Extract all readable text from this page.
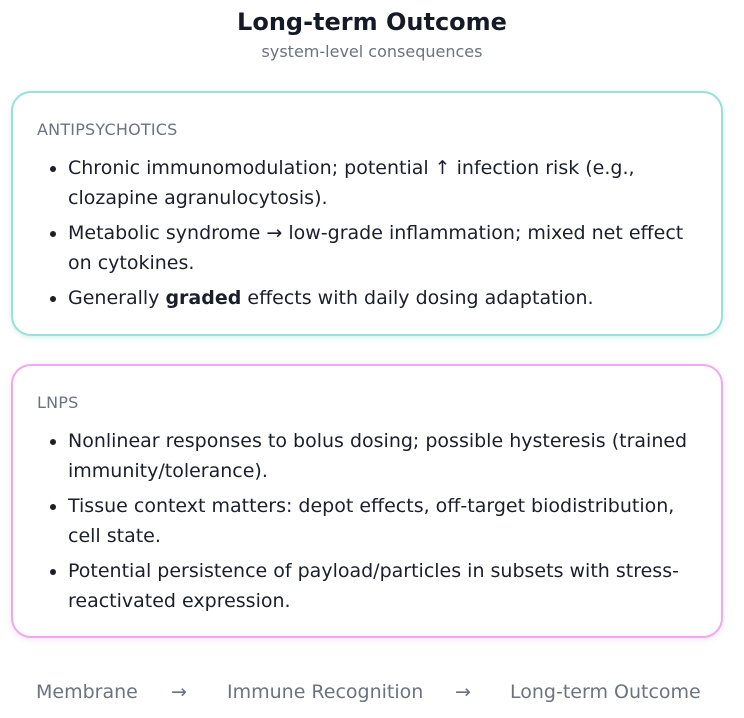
Long-term Outcome
system-level consequences
ANTIPSYCHOTICS
• Chronic immunomodulation; potential ↑ infection risk (e.g., clozapine agranulocytosis).
• Metabolic syndrome → low-grade inflammation; mixed net effect on cytokines.
• Generally graded effects with daily dosing adaptation.
LNPS
• Nonlinear responses to bolus dosing; possible hysteresis (trained immunity/tolerance).
• Tissue context matters: depot effects, off-target biodistribution, cell state.
• Potential persistence of payload/particles in subsets with stress-reactivated expression.
Membrane → Immune Recognition → Long-term Outcome
